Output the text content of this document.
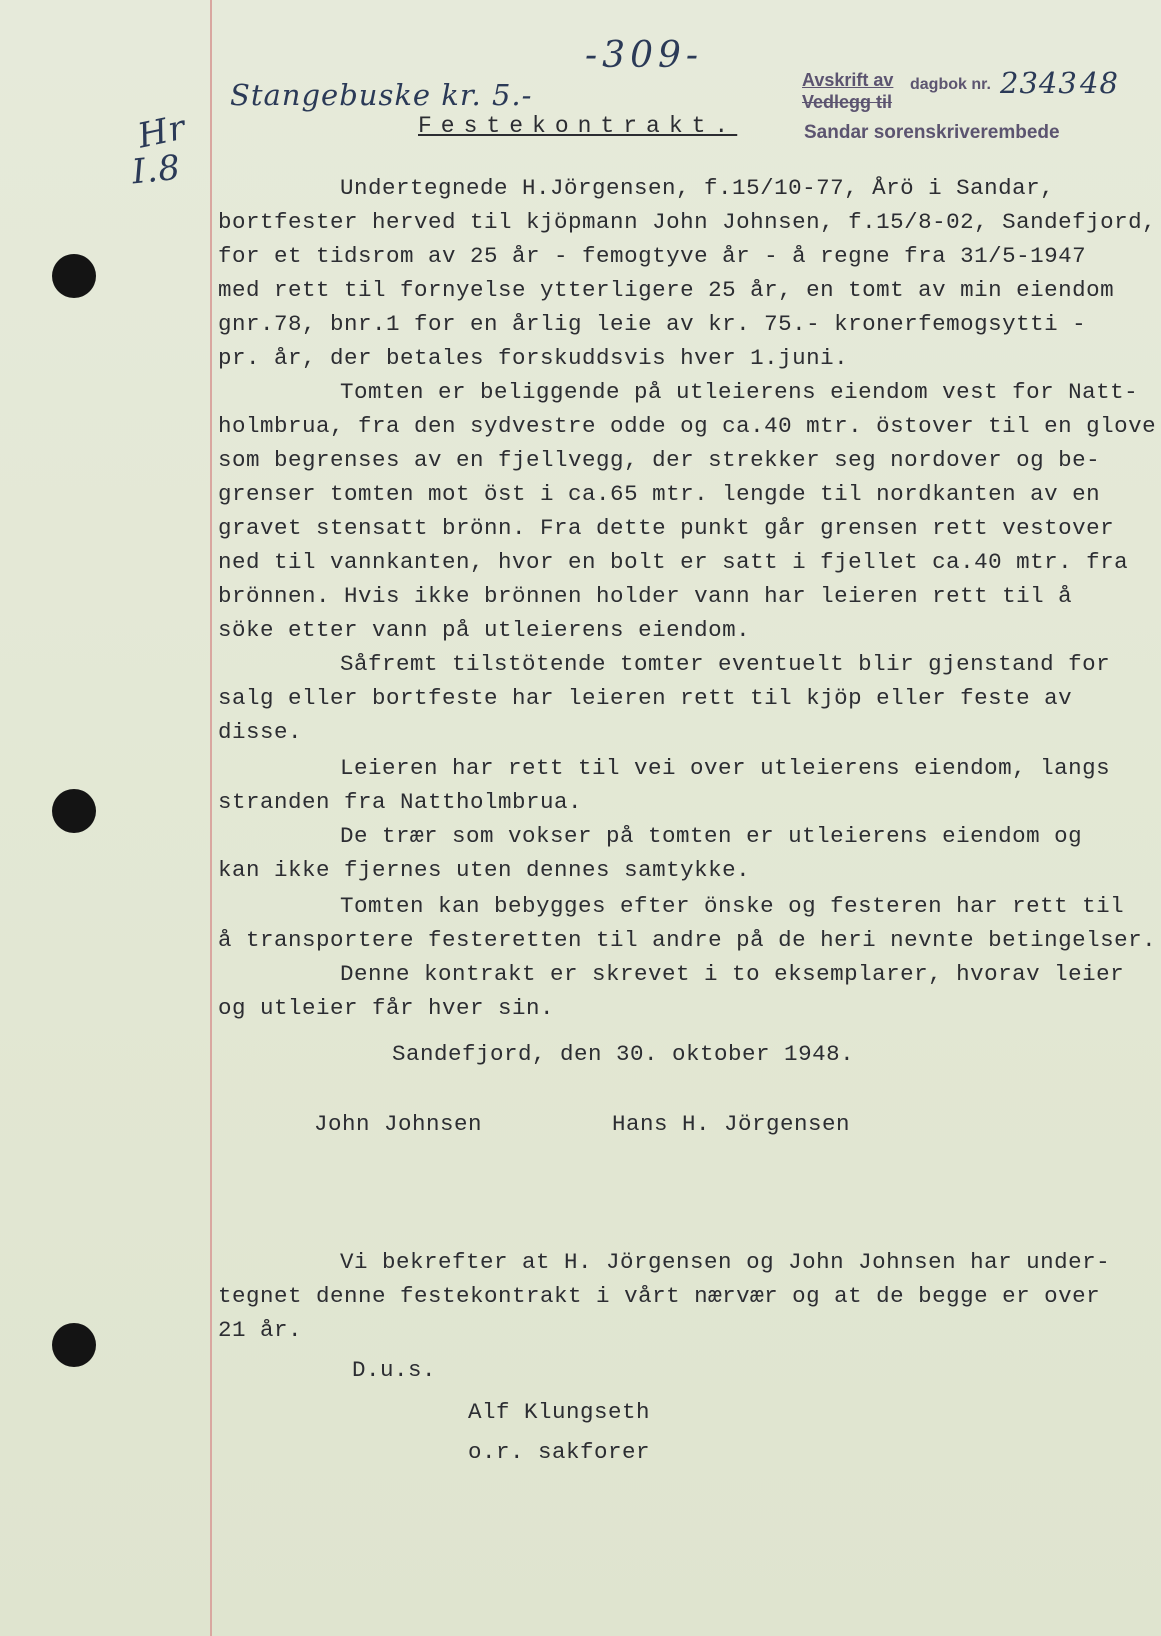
Stangebuske kr. 5.-
-309-
Hr
I.8
Avskrift av dagbok nr. 2343 48
Vedlegg til
Sandar sorenskriverembede
Festekontrakt.
Undertegnede H.Jörgensen, f.15/10-77, Årö i Sandar,
bortfester herved til kjöpmann John Johnsen, f.15/8-02, Sandefjord,
for et tidsrom av 25 år - femogtyve år - å regne fra 31/5-1947
med rett til fornyelse ytterligere 25 år, en tomt av min eiendom
gnr.78, bnr.1 for en årlig leie av kr. 75.- kronerfemogsytti -
pr. år, der betales forskuddsvis hver 1.juni.
Tomten er beliggende på utleierens eiendom vest for Natt-
holmbrua, fra den sydvestre odde og ca.40 mtr. östover til en glove
som begrenses av en fjellvegg, der strekker seg nordover og be-
grenser tomten mot öst i ca.65 mtr. lengde til nordkanten av en
gravet stensatt brönn. Fra dette punkt går grensen rett vestover
ned til vannkanten, hvor en bolt er satt i fjellet ca.40 mtr. fra
brönnen. Hvis ikke brönnen holder vann har leieren rett til å
söke etter vann på utleierens eiendom.
Såfremt tilstötende tomter eventuelt blir gjenstand for
salg eller bortfeste har leieren rett til kjöp eller feste av
disse.
Leieren har rett til vei over utleierens eiendom, langs
stranden fra Nattholmbrua.
De trær som vokser på tomten er utleierens eiendom og
kan ikke fjernes uten dennes samtykke.
Tomten kan bebygges efter önske og festeren har rett til
å transportere festeretten til andre på de heri nevnte betingelser.
Denne kontrakt er skrevet i to eksemplarer, hvorav leier
og utleier får hver sin.
Sandefjord, den 30. oktober 1948.
John Johnsen	Hans H. Jörgensen
Vi bekrefter at H. Jörgensen og John Johnsen har under-
tegnet denne festekontrakt i vårt nærvær og at de begge er over
21 år.
D.u.s.
Alf Klungseth
o.r. sakforer
